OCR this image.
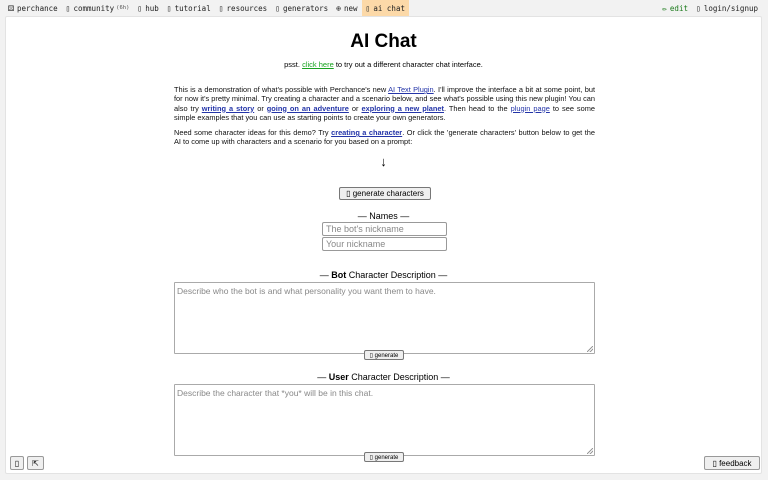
⚄ perchance ▯ community (6h) ▯ hub ▯ tutorial ▯ resources ▯ generators ⊕ new ▯ ai chat	✏ edit ▯ login/signup
AI Chat
psst. click here to try out a different character chat interface.

This is a demonstration of what's possible with Perchance's new AI Text Plugin. I'll improve the interface a bit at some point, but for now it's pretty minimal. Try creating a character and a scenario below, and see what's possible using this new plugin! You can also try writing a story or going on an adventure or exploring a new planet. Then head to the plugin page to see some simple examples that you can use as starting points to create your own generators.

Need some character ideas for this demo? Try creating a character. Or click the 'generate characters' button below to get the AI to come up with characters and a scenario for you based on a prompt:

↓
▯ generate characters
— Names —
The bot's nickname
Your nickname
— Bot Character Description —
Describe who the bot is and what personality you want them to have.
▯ generate
— User Character Description —
Describe the character that *you* will be in this chat.
▯ generate
▯	⇱	▯ feedback
